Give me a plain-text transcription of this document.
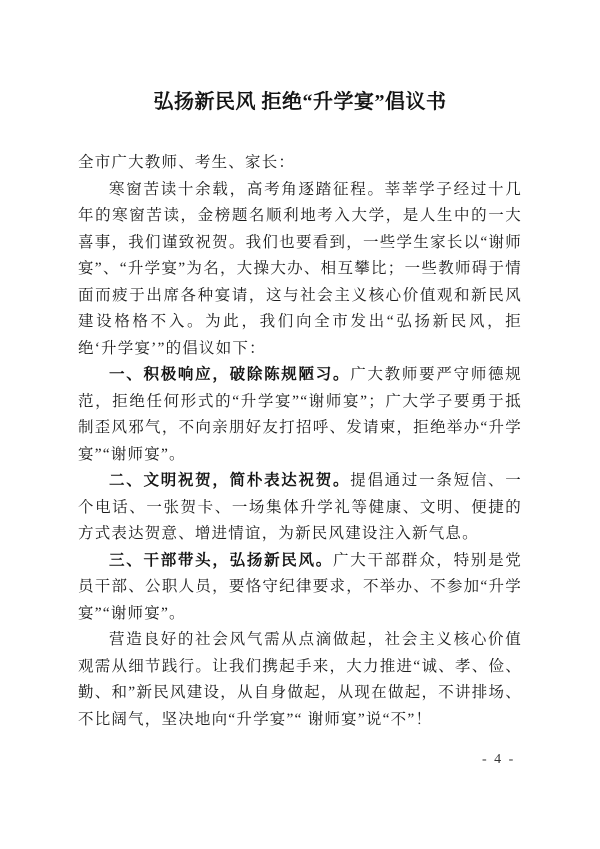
弘扬新民风 拒绝“升学宴”倡议书

全市广大教师、考生、家长：

寒窗苦读十余载，高考角逐踏征程。莘莘学子经过十几年的寒窗苦读，金榜题名顺利地考入大学，是人生中的一大喜事，我们谨致祝贺。我们也要看到，一些学生家长以“谢师宴”、“升学宴”为名，大操大办、相互攀比；一些教师碍于情面而疲于出席各种宴请，这与社会主义核心价值观和新民风建设格格不入。为此，我们向全市发出“弘扬新民风，拒绝‘升学宴’”的倡议如下：

一、积极响应，破除陈规陋习。广大教师要严守师德规范，拒绝任何形式的“升学宴”“谢师宴”；广大学子要勇于抵制歪风邪气，不向亲朋好友打招呼、发请柬，拒绝举办“升学宴”“谢师宴”。

二、文明祝贺，简朴表达祝贺。提倡通过一条短信、一个电话、一张贺卡、一场集体升学礼等健康、文明、便捷的方式表达贺意、增进情谊，为新民风建设注入新气息。

三、干部带头，弘扬新民风。广大干部群众，特别是党员干部、公职人员，要恪守纪律要求，不举办、不参加“升学宴”“谢师宴”。

营造良好的社会风气需从点滴做起，社会主义核心价值观需从细节践行。让我们携起手来，大力推进“诚、孝、俭、勤、和”新民风建设，从自身做起，从现在做起，不讲排场、不比阔气，坚决地向“升学宴”“ 谢师宴”说“不”！

- 4 -
